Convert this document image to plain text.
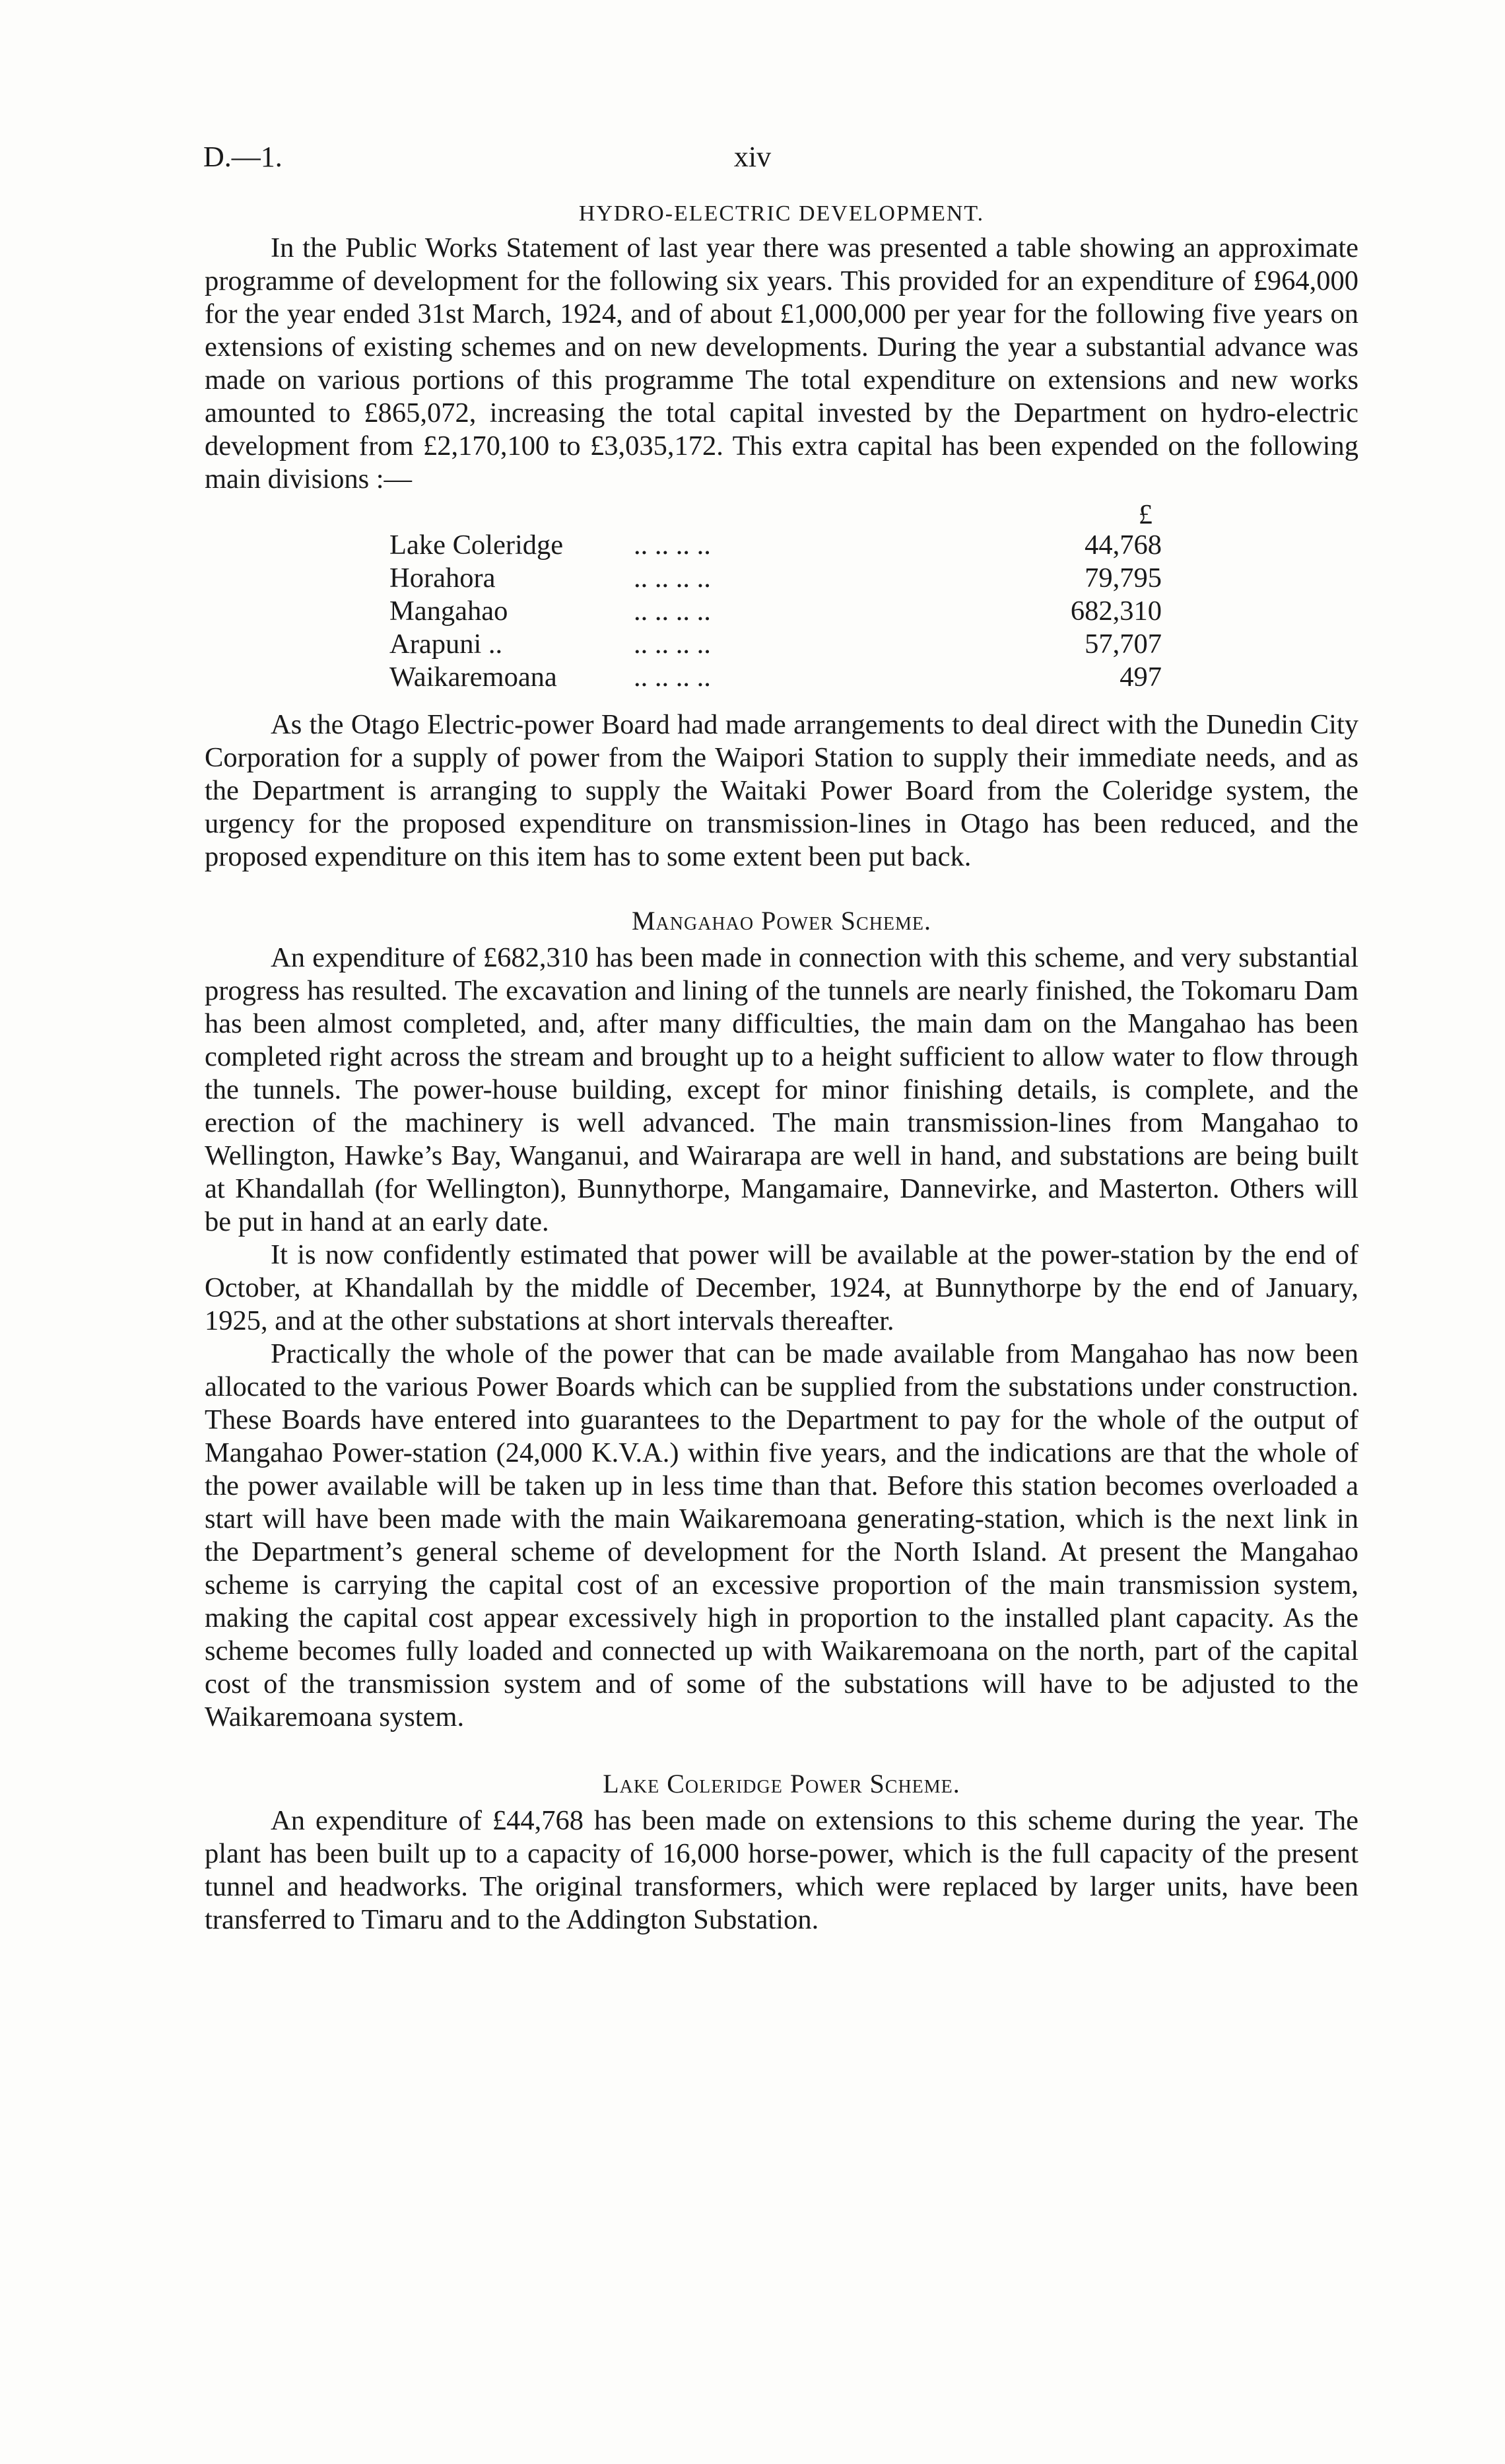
D.—1.	xiv
HYDRO-ELECTRIC DEVELOPMENT.

In the Public Works Statement of last year there was presented a table showing an approximate programme of development for the following six years. This provided for an expenditure of £964,000 for the year ended 31st March, 1924, and of about £1,000,000 per year for the following five years on extensions of existing schemes and on new developments. During the year a substantial advance was made on various portions of this programme The total expenditure on extensions and new works amounted to £865,072, increasing the total capital invested by the Department on hydro-electric development from £2,170,100 to £3,035,172. This extra capital has been expended on the following main divisions :—

£
Lake Coleridge	.. .. .. ..	44,768
Horahora	.. .. .. ..	79,795
Mangahao	.. .. .. ..	682,310
Arapuni ..	.. .. .. ..	57,707
Waikaremoana	.. .. .. ..	497

As the Otago Electric-power Board had made arrangements to deal direct with the Dunedin City Corporation for a supply of power from the Waipori Station to supply their immediate needs, and as the Department is arranging to supply the Waitaki Power Board from the Coleridge system, the urgency for the proposed expenditure on transmission-lines in Otago has been reduced, and the proposed expenditure on this item has to some extent been put back.

Mangahao Power Scheme.

An expenditure of £682,310 has been made in connection with this scheme, and very substantial progress has resulted. The excavation and lining of the tunnels are nearly finished, the Tokomaru Dam has been almost completed, and, after many difficulties, the main dam on the Mangahao has been completed right across the stream and brought up to a height sufficient to allow water to flow through the tunnels. The power-house building, except for minor finishing details, is complete, and the erection of the machinery is well advanced. The main transmission-lines from Mangahao to Wellington, Hawke’s Bay, Wanganui, and Wairarapa are well in hand, and substations are being built at Khandallah (for Wellington), Bunnythorpe, Mangamaire, Dannevirke, and Masterton. Others will be put in hand at an early date.

It is now confidently estimated that power will be available at the power-station by the end of October, at Khandallah by the middle of December, 1924, at Bunnythorpe by the end of January, 1925, and at the other substations at short intervals thereafter.

Practically the whole of the power that can be made available from Mangahao has now been allocated to the various Power Boards which can be supplied from the substations under construction. These Boards have entered into guarantees to the Department to pay for the whole of the output of Mangahao Power-station (24,000 K.V.A.) within five years, and the indications are that the whole of the power available will be taken up in less time than that. Before this station becomes overloaded a start will have been made with the main Waikaremoana generating-station, which is the next link in the Department’s general scheme of development for the North Island. At present the Mangahao scheme is carrying the capital cost of an excessive proportion of the main transmission system, making the capital cost appear excessively high in proportion to the installed plant capacity. As the scheme becomes fully loaded and connected up with Waikaremoana on the north, part of the capital cost of the transmission system and of some of the substations will have to be adjusted to the Waikaremoana system.

Lake Coleridge Power Scheme.

An expenditure of £44,768 has been made on extensions to this scheme during the year. The plant has been built up to a capacity of 16,000 horse-power, which is the full capacity of the present tunnel and headworks. The original transformers, which were replaced by larger units, have been transferred to Timaru and to the Addington Substation.
